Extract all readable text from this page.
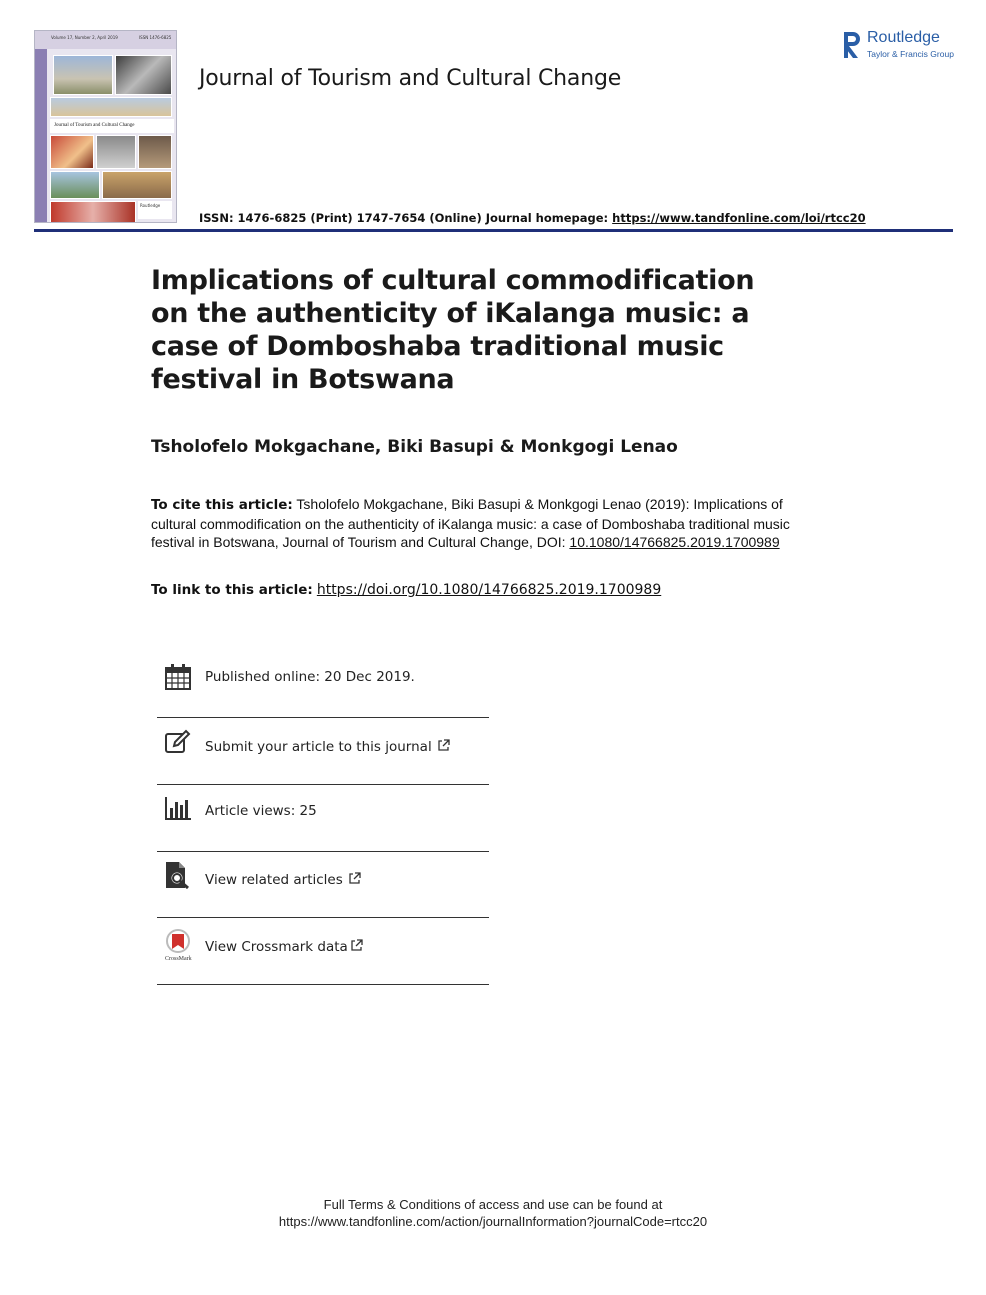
Volume 17, Number 2, April 2019	ISSN 1476-6825
Journal of Tourism and Cultural Change
Routledge
Journal of Tourism and Cultural Change
Routledge
Taylor & Francis Group
ISSN: 1476-6825 (Print) 1747-7654 (Online) Journal homepage: https://www.tandfonline.com/loi/rtcc20
Implications of cultural commodification on the authenticity of iKalanga music: a case of Domboshaba traditional music festival in Botswana
Tsholofelo Mokgachane, Biki Basupi & Monkgogi Lenao
To cite this article: Tsholofelo Mokgachane, Biki Basupi & Monkgogi Lenao (2019): Implications of cultural commodification on the authenticity of iKalanga music: a case of Domboshaba traditional music festival in Botswana, Journal of Tourism and Cultural Change, DOI: 10.1080/14766825.2019.1700989
To link to this article: https://doi.org/10.1080/14766825.2019.1700989
Published online: 20 Dec 2019.
Submit your article to this journal
Article views: 25
View related articles
CrossMark
View Crossmark data
Full Terms & Conditions of access and use can be found at
https://www.tandfonline.com/action/journalInformation?journalCode=rtcc20
